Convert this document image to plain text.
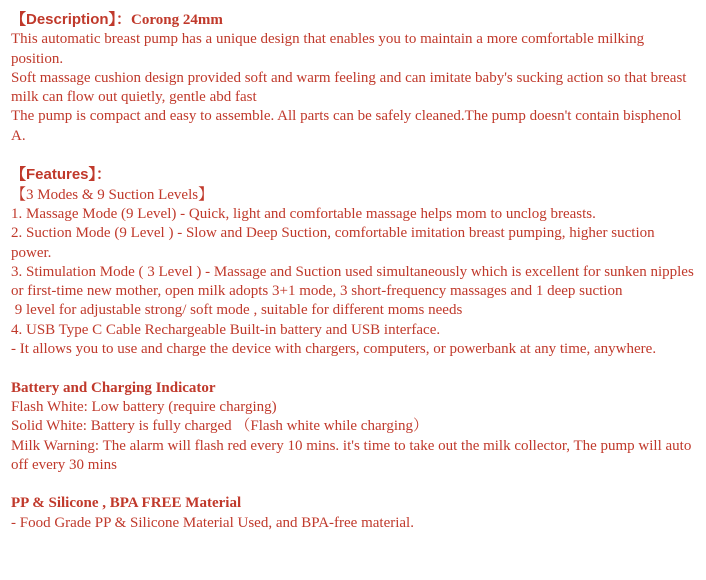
【Description】：Corong 24mm
This automatic breast pump has a unique design that enables you to maintain a more comfortable milking position.
Soft massage cushion design provided soft and warm feeling and can imitate baby's sucking action so that breast milk can flow out quietly, gentle abd fast
The pump is compact and easy to assemble. All parts can be safely cleaned.The pump doesn't contain bisphenol A.
【Features】：
【3 Modes & 9 Suction Levels】
1. Massage Mode (9 Level) - Quick, light and comfortable massage helps mom to unclog breasts.
2. Suction Mode (9 Level ) - Slow and Deep Suction, comfortable imitation breast pumping, higher suction power.
3. Stimulation Mode ( 3 Level ) - Massage and Suction used simultaneously which is excellent for sunken nipples or first-time new mother, open milk adopts 3+1 mode, 3 short-frequency massages and 1 deep suction
9 level for adjustable strong/ soft mode , suitable for different moms needs
4. USB Type C Cable Rechargeable Built-in battery and USB interface.
- It allows you to use and charge the device with chargers, computers, or powerbank at any time, anywhere.
Battery and Charging Indicator
Flash White: Low battery (require charging)
Solid White: Battery is fully charged （Flash white while charging）
Milk Warning: The alarm will flash red every 10 mins. it's time to take out the milk collector, The pump will auto off every 30 mins
PP & Silicone , BPA FREE Material
- Food Grade PP & Silicone Material Used, and BPA-free material.
